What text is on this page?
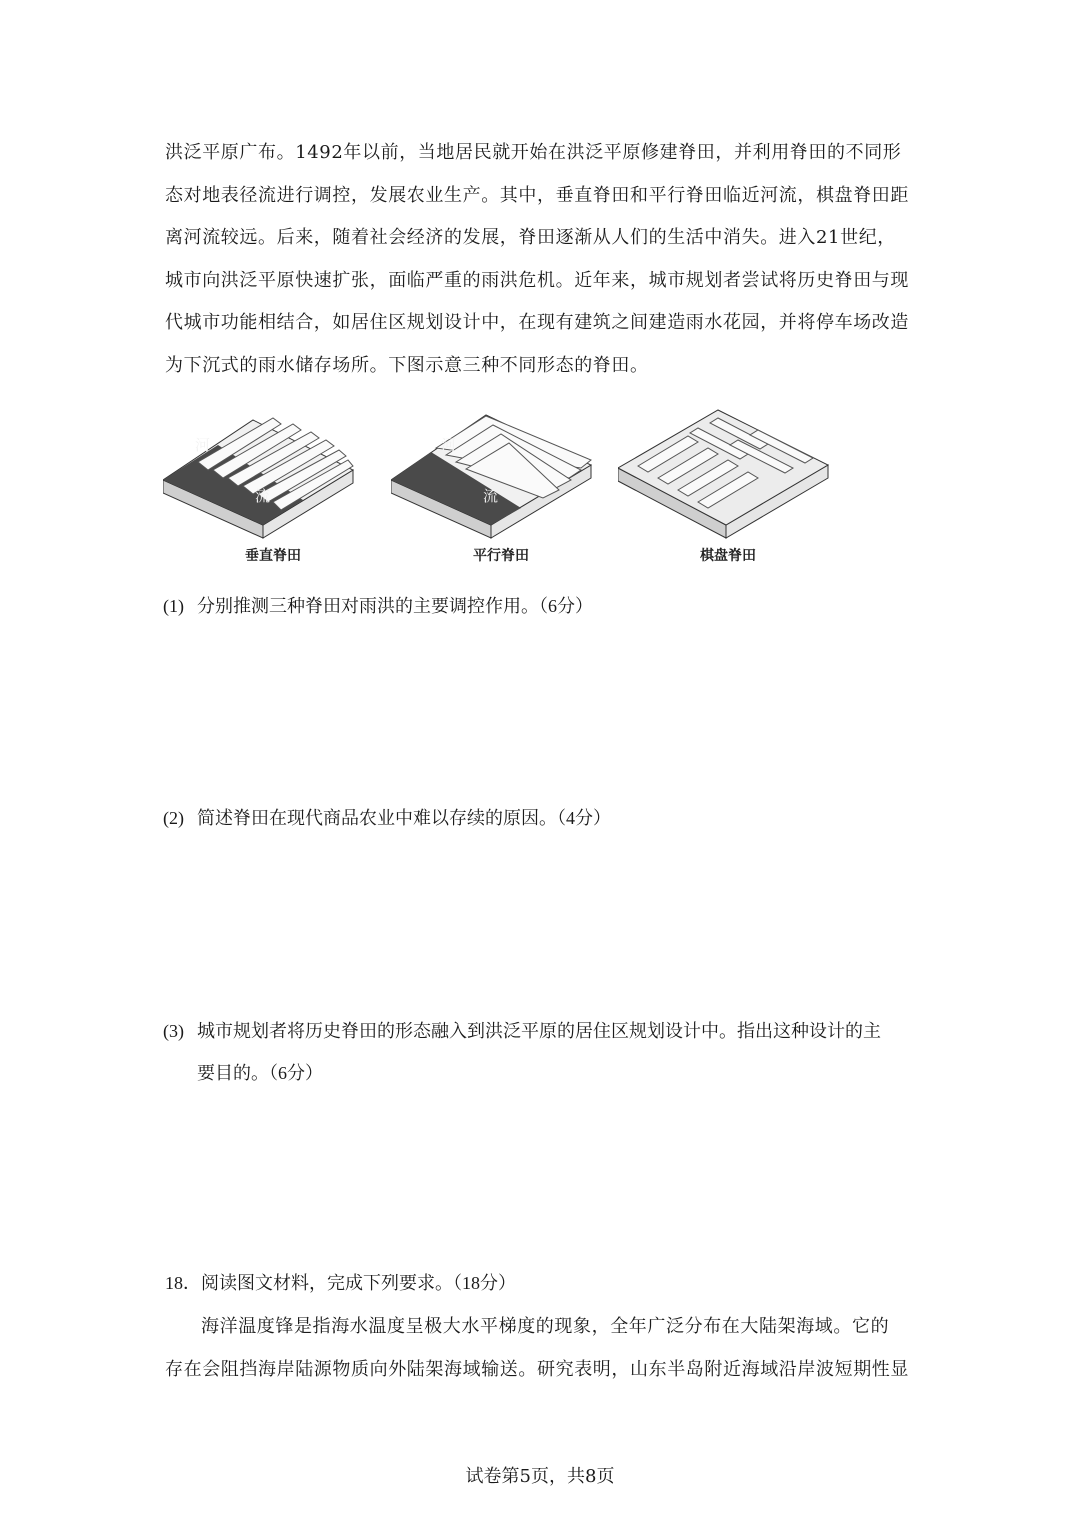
洪泛平原广布。1492年以前，当地居民就开始在洪泛平原修建脊田，并利用脊田的不同形

态对地表径流进行调控，发展农业生产。其中，垂直脊田和平行脊田临近河流，棋盘脊田距

离河流较远。后来，随着社会经济的发展，脊田逐渐从人们的生活中消失。进入21世纪，

城市向洪泛平原快速扩张，面临严重的雨洪危机。近年来，城市规划者尝试将历史脊田与现

代城市功能相结合，如居住区规划设计中，在现有建筑之间建造雨水花园，并将停车场改造

为下沉式的雨水储存场所。下图示意三种不同形态的脊田。

河
流
垂直脊田
河
流
平行脊田	棋盘脊田
(1) 分别推测三种脊田对雨洪的主要调控作用。（6分）
(2) 简述脊田在现代商品农业中难以存续的原因。（4分）
(3) 城市规划者将历史脊田的形态融入到洪泛平原的居住区规划设计中。指出这种设计的主
要目的。（6分）
18．阅读图文材料，完成下列要求。（18分）

海洋温度锋是指海水温度呈极大水平梯度的现象，全年广泛分布在大陆架海域。它的

存在会阻挡海岸陆源物质向外陆架海域输送。研究表明，山东半岛附近海域沿岸波短期性显

试卷第5页，共8页
